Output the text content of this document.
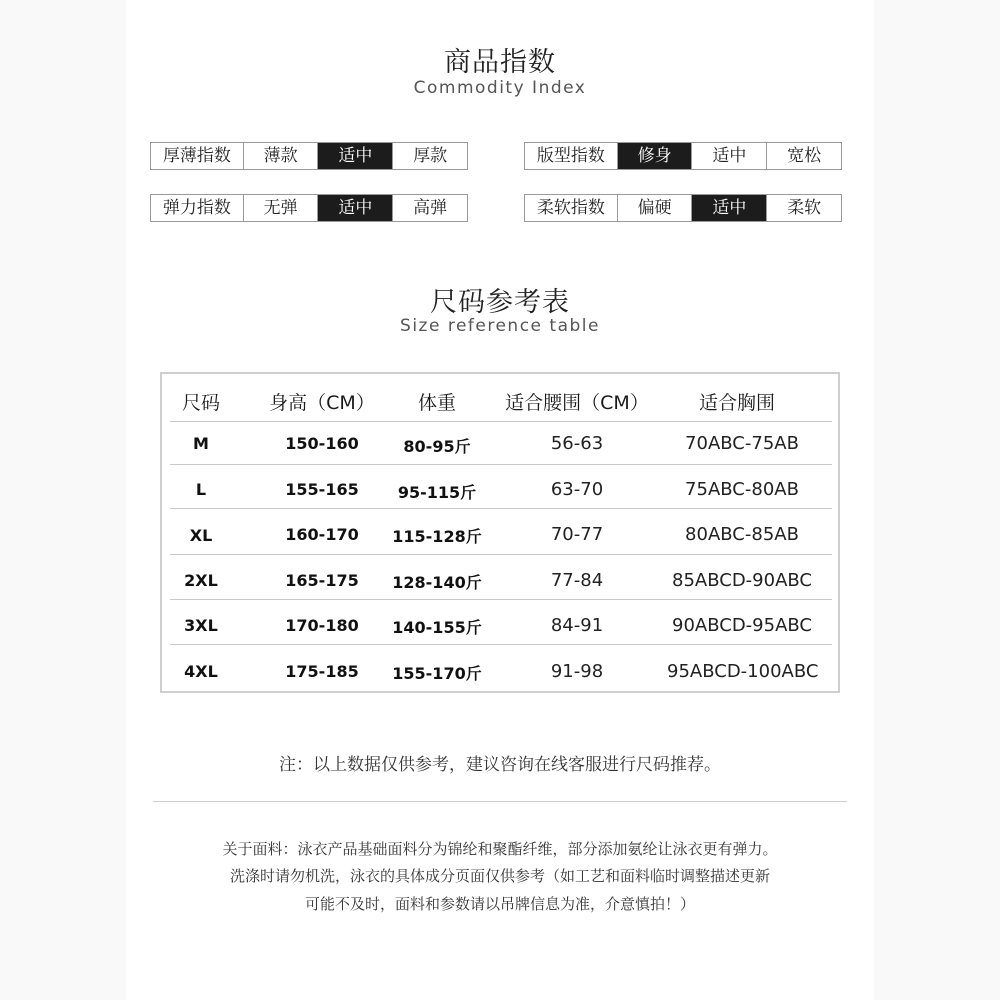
商品指数
Commodity Index
厚薄指数	薄款	适中	厚款	版型指数	修身	适中	宽松
弹力指数	无弹	适中	高弹	柔软指数	偏硬	适中	柔软
尺码参考表
Size reference table
尺码	身高（CM）	体重	适合腰围（CM）	适合胸围
M	150-160	80-95斤	56-63	70ABC-75AB
L	155-165	95-115斤	63-70	75ABC-80AB
XL	160-170	115-128斤	70-77	80ABC-85AB
2XL	165-175	128-140斤	77-84	85ABCD-90ABC
3XL	170-180	140-155斤	84-91	90ABCD-95ABC
4XL	175-185	155-170斤	91-98	95ABCD-100ABC
注：以上数据仅供参考，建议咨询在线客服进行尺码推荐。
关于面料：泳衣产品基础面料分为锦纶和聚酯纤维，部分添加氨纶让泳衣更有弹力。
洗涤时请勿机洗，泳衣的具体成分页面仅供参考（如工艺和面料临时调整描述更新
可能不及时，面料和参数请以吊牌信息为准，介意慎拍！）
